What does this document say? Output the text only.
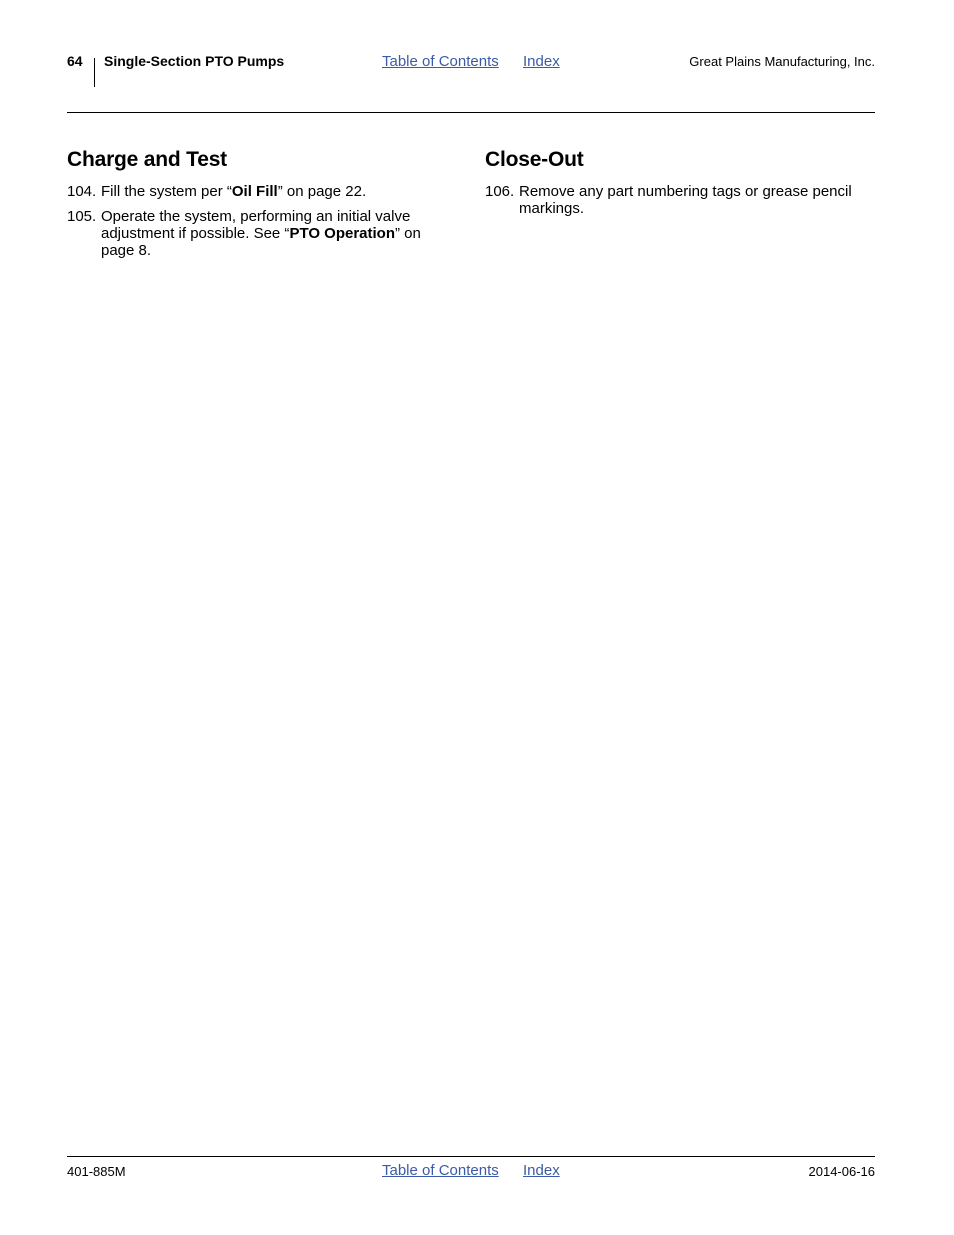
64 Single-Section PTO Pumps	Table of Contents Index	Great Plains Manufacturing, Inc.
Charge and Test
104. Fill the system per “Oil Fill” on page 22.
105. Operate the system, performing an initial valve adjustment if possible. See “PTO Operation” on page 8.
Close-Out
106. Remove any part numbering tags or grease pencil markings.
401-885M	Table of Contents Index	2014-06-16
